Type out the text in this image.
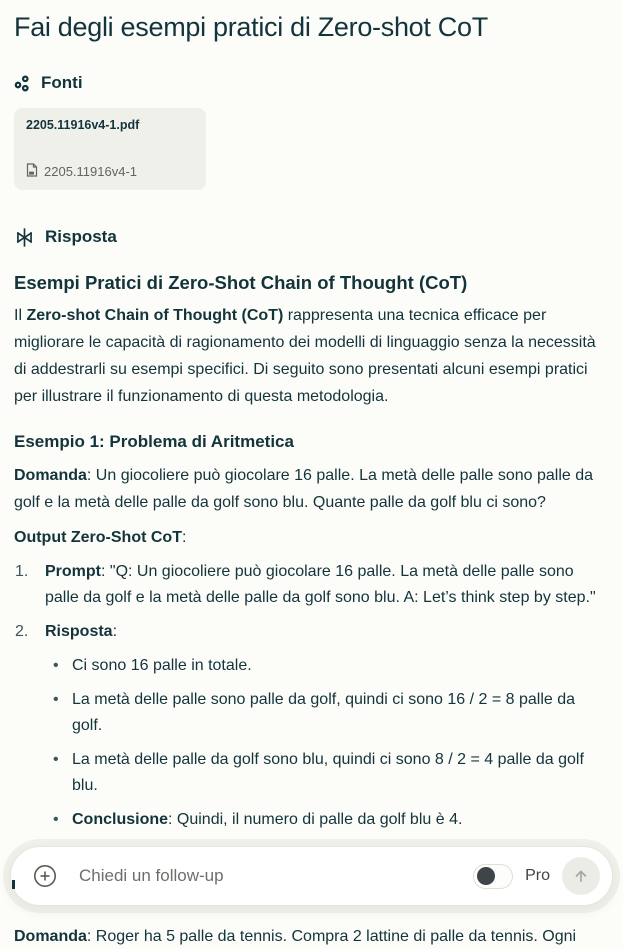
Fai degli esempi pratici di Zero-shot CoT
Fonti
2205.11916v4-1.pdf
2205.11916v4-1
Risposta
Esempi Pratici di Zero-Shot Chain of Thought (CoT)

Il Zero-shot Chain of Thought (CoT) rappresenta una tecnica efficace per migliorare le capacità di ragionamento dei modelli di linguaggio senza la necessità di addestrarli su esempi specifici. Di seguito sono presentati alcuni esempi pratici per illustrare il funzionamento di questa metodologia.

Esempio 1: Problema di Aritmetica

Domanda: Un giocoliere può giocolare 16 palle. La metà delle palle sono palle da golf e la metà delle palle da golf sono blu. Quante palle da golf blu ci sono?

Output Zero-Shot CoT:

Prompt: "Q: Un giocoliere può giocolare 16 palle. La metà delle palle sono palle da golf e la metà delle palle da golf sono blu. A: Let’s think step by step."
Risposta:
• Ci sono 16 palle in totale.
• La metà delle palle sono palle da golf, quindi ci sono 16 / 2 = 8 palle da golf.
• La metà delle palle da golf sono blu, quindi ci sono 8 / 2 = 4 palle da golf blu.
• Conclusione: Quindi, il numero di palle da golf blu è 4.

Domanda: Roger ha 5 palle da tennis. Compra 2 lattine di palle da tennis. Ogni

Chiedi un follow-up
Pro
